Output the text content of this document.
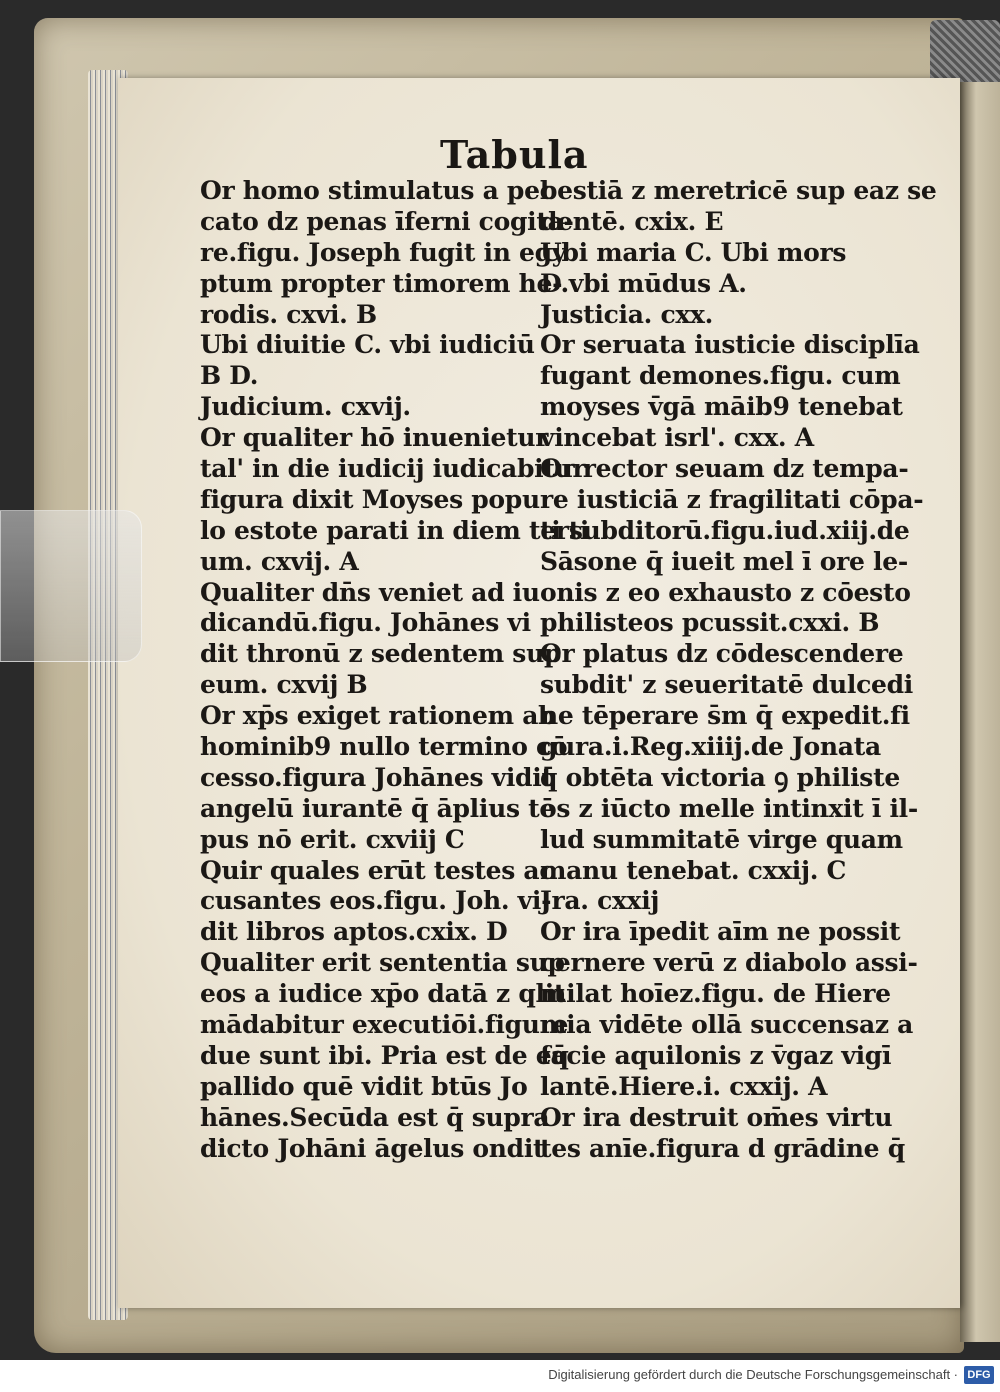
Tabula
Or homo stimulatus a pec
cato dz penas īferni cogita-
re.figu. Joseph fugit in egy
ptum propter timorem he-
rodis. cxvi. B
Ubi diuitie C. vbi iudiciū
B D.
Judicium. cxvij.
Or qualiter hō inuenietur
tal' in die iudicij iudicabitur
figura dixit Moyses popu
lo estote parati in diem terti
um. cxvij. A
Qualiter dn̄s veniet ad iu
dicandū.figu. Johānes vi
dit thronū z sedentem sup
eum. cxvij B
Or xp̄s exiget rationem ab
hominib9 nullo termino cō
cesso.figura Johānes vidit
angelū iurantē q̄ āplius tē
pus nō erit. cxviij C
Quir quales erūt testes ac
cusantes eos.figu. Joh. vi-
dit libros aptos.cxix. D
Qualiter erit sententia sup
eos a iudice xp̄o datā z qlit
mādabitur executiōi.figure
due sunt ibi. Pria est de eq̄
pallido quē vidit btūs Jo
hānes.Secūda est q̄ supra
dicto Johāni āgelus ondit
bestiā z meretricē sup eaz se
dentē. cxix. E
Ubi maria C. Ubi mors
D.vbi mūdus A.
Justicia. cxx.
Or seruata iusticie disciplīa
fugant demones.figu. cum
moyses v̄gā māib9 tenebat
vincebat isrl'. cxx. A
Or rector seuam dz tempa-
re iusticiā z fragilitati cōpa-
ti subditorū.figu.iud.xiij.de
Sāsone q̄ iueit mel ī ore le-
onis z eo exhausto z cōesto
philisteos pcussit.cxxi. B
Or platus dz cōdescendere
subdit' z seueritatē dulcedi
ne tēperare s̄m q̄ expedit.fi
gura.i.Reg.xiiij.de Jonata
q̄ obtēta victoria ꝯ philiste
os z iūcto melle intinxit ī il-
lud summitatē virge quam
manu tenebat. cxxij. C
Jra. cxxij
Or ira īpedit aīm ne possit
cernere verū z diabolo assi-
milat hoīez.figu. de Hiere
mia vidēte ollā succensaz a
facie aquilonis z v̄gaz vigī
lantē.Hiere.i. cxxij. A
Or ira destruit om̄es virtu
tes anīe.figura d grādine q̄
Digitalisierung gefördert durch die Deutsche Forschungsgemeinschaft · DFG
